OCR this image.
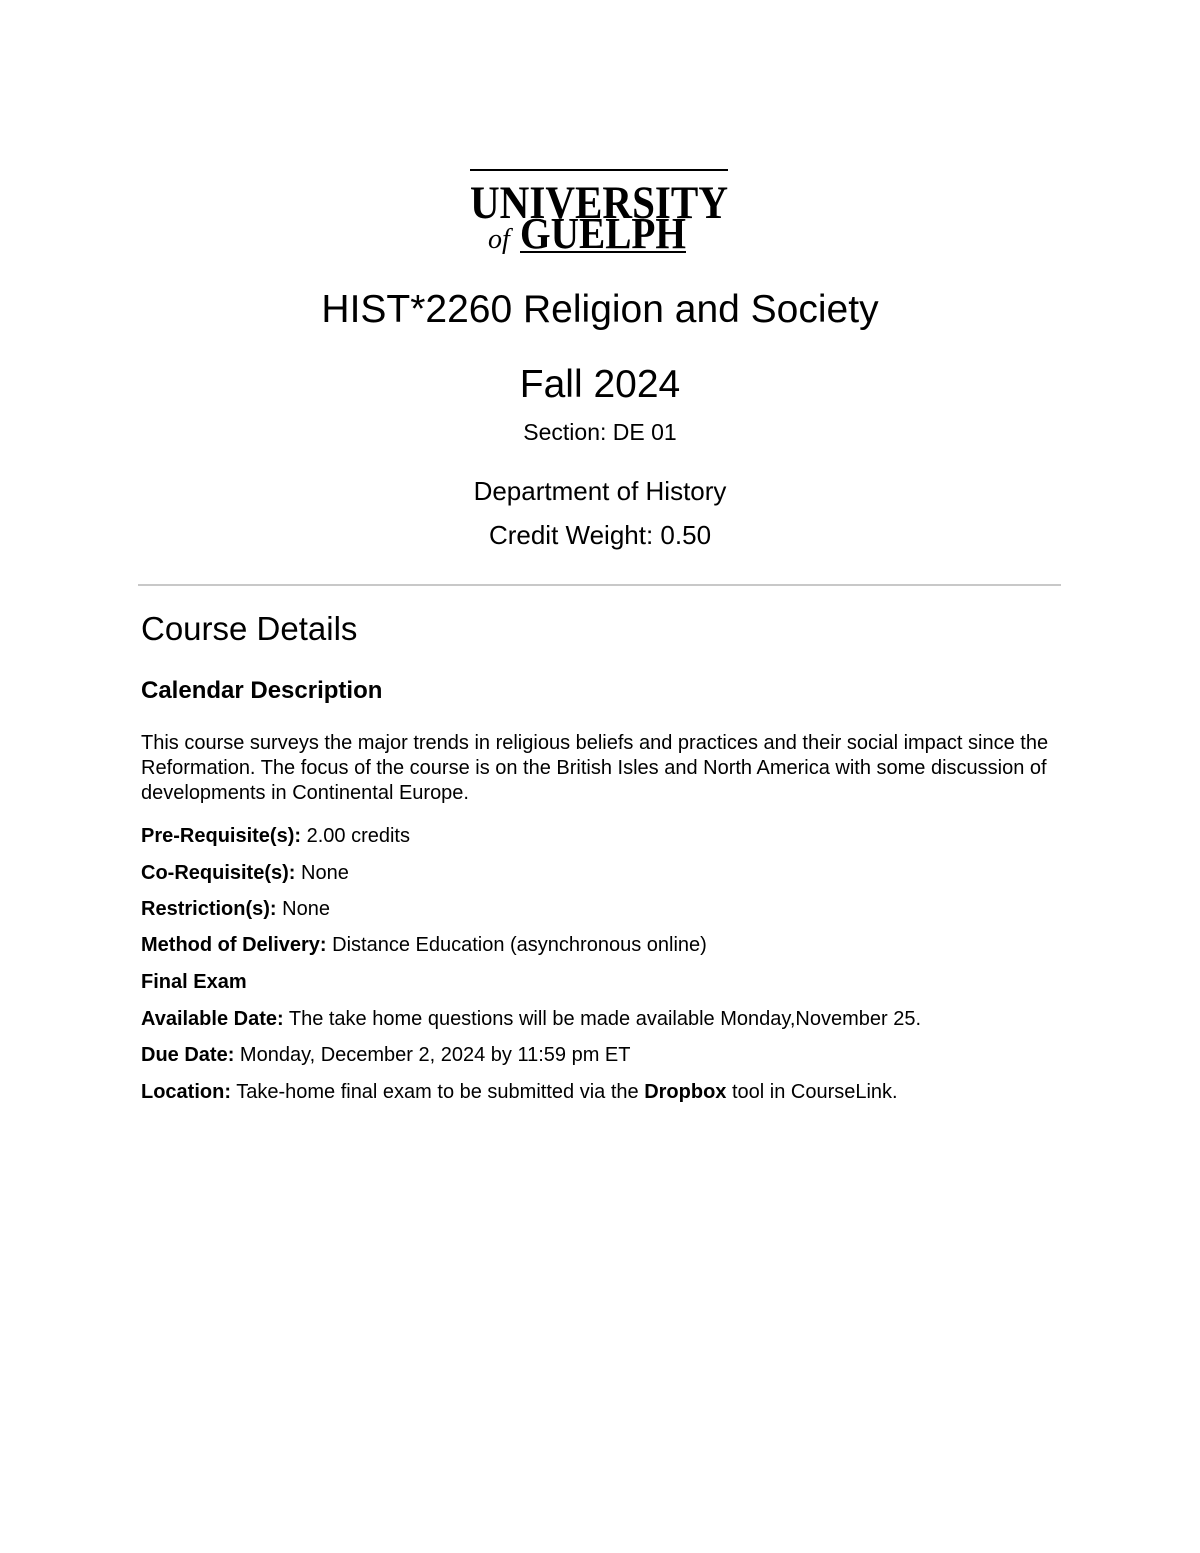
UNIVERSITY
of GUELPH
HIST*2260 Religion and Society
Fall 2024
Section: DE 01
Department of History
Credit Weight: 0.50
Course Details
Calendar Description
This course surveys the major trends in religious beliefs and practices and their social impact since the Reformation. The focus of the course is on the British Isles and North America with some discussion of developments in Continental Europe.
Pre-Requisite(s): 2.00 credits
Co-Requisite(s): None
Restriction(s): None
Method of Delivery: Distance Education (asynchronous online)
Final Exam
Available Date: The take home questions will be made available Monday,November 25.
Due Date: Monday, December 2, 2024 by 11:59 pm ET
Location: Take-home final exam to be submitted via the Dropbox tool in CourseLink.
